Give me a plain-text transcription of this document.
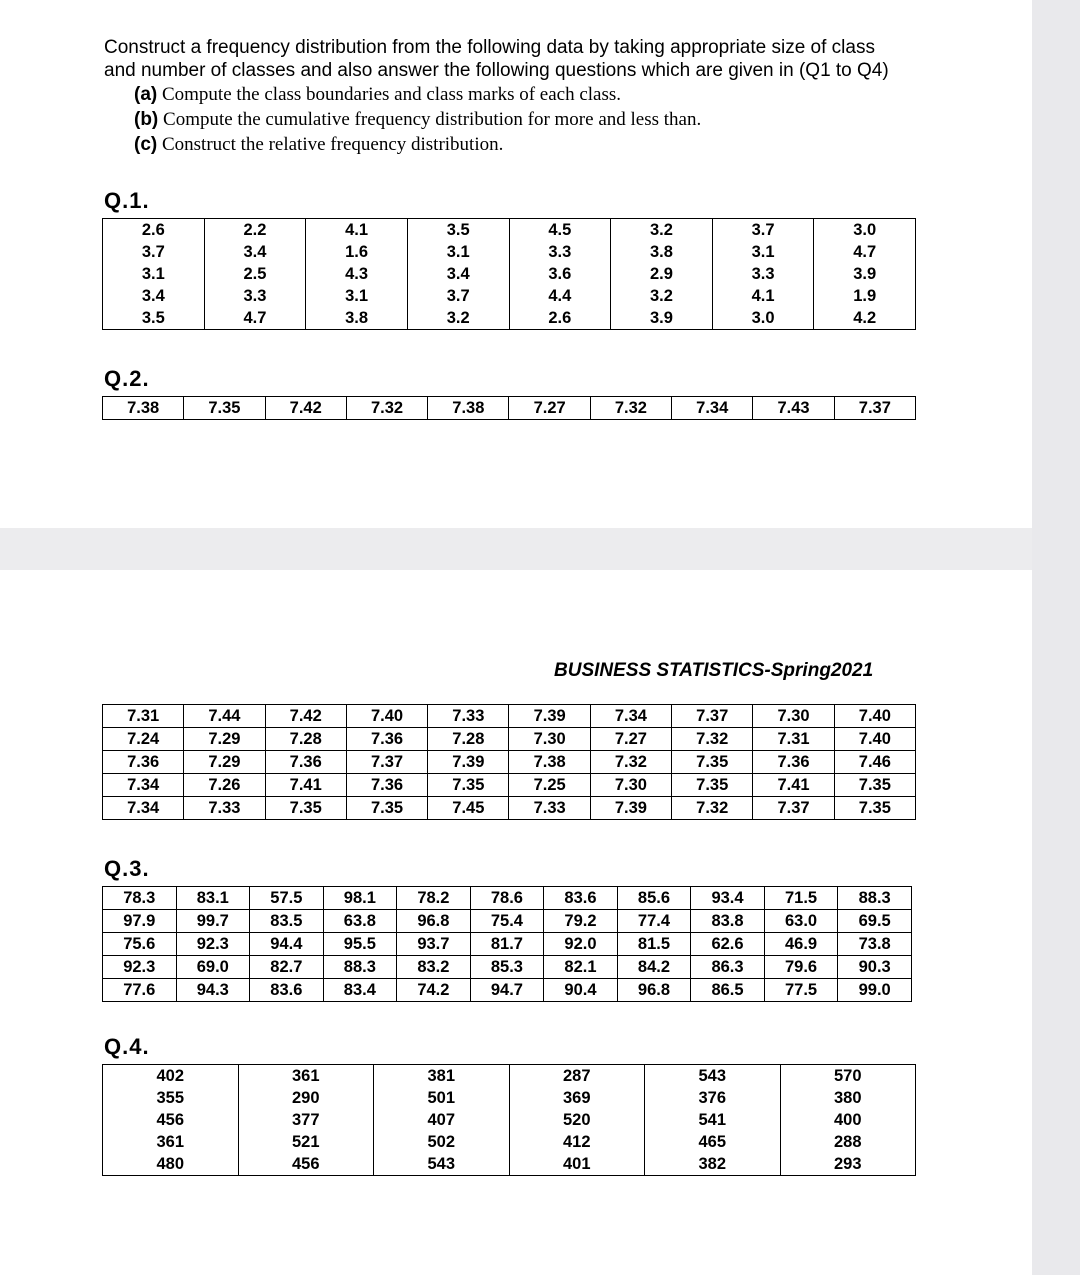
Construct a frequency distribution from the following data by taking appropriate size of class

and number of classes and also answer the following questions which are given in (Q1 to Q4)

(a) Compute the class boundaries and class marks of each class.
(b) Compute the cumulative frequency distribution for more and less than.
(c) Construct the relative frequency distribution.
Q.1.
2.6	2.2	4.1	3.5	4.5	3.2	3.7	3.0
3.7	3.4	1.6	3.1	3.3	3.8	3.1	4.7
3.1	2.5	4.3	3.4	3.6	2.9	3.3	3.9
3.4	3.3	3.1	3.7	4.4	3.2	4.1	1.9
3.5	4.7	3.8	3.2	2.6	3.9	3.0	4.2
Q.2.
7.38	7.35	7.42	7.32	7.38	7.27	7.32	7.34	7.43	7.37
BUSINESS STATISTICS-Spring2021
7.31	7.44	7.42	7.40	7.33	7.39	7.34	7.37	7.30	7.40
7.24	7.29	7.28	7.36	7.28	7.30	7.27	7.32	7.31	7.40
7.36	7.29	7.36	7.37	7.39	7.38	7.32	7.35	7.36	7.46
7.34	7.26	7.41	7.36	7.35	7.25	7.30	7.35	7.41	7.35
7.34	7.33	7.35	7.35	7.45	7.33	7.39	7.32	7.37	7.35
Q.3.
78.3	83.1	57.5	98.1	78.2	78.6	83.6	85.6	93.4	71.5	88.3
97.9	99.7	83.5	63.8	96.8	75.4	79.2	77.4	83.8	63.0	69.5
75.6	92.3	94.4	95.5	93.7	81.7	92.0	81.5	62.6	46.9	73.8
92.3	69.0	82.7	88.3	83.2	85.3	82.1	84.2	86.3	79.6	90.3
77.6	94.3	83.6	83.4	74.2	94.7	90.4	96.8	86.5	77.5	99.0
Q.4.
402	361	381	287	543	570
355	290	501	369	376	380
456	377	407	520	541	400
361	521	502	412	465	288
480	456	543	401	382	293
